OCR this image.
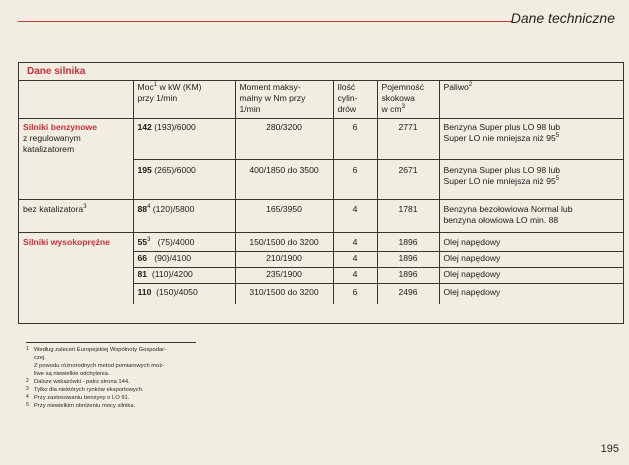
Dane techniczne
Dane silnika
	Moc$^1$ w kW (KM)
przy 1/min	Moment maksy-
malny w Nm przy
1/min	Ilość
cylin-
drów	Pojemność
skokowa
w $cm^3$	Paliwo$^2$
Silniki benzynowe
z regulowanym
katalizatorem	142 (193)/6000	280/3200	6	2771	Benzyna Super plus LO 98 lub
Super LO nie mniejsza niż $95^5$
	195 (265)/6000	400/1850 do 3500	6	2671	Benzyna Super plus LO 98 lub
Super LO nie mniejsza niż $95^5$
bez katalizatora$^3$	$88^4$ (120)/5800	165/3950	4	1781	Benzyna bezołowiowa Normal lub
benzyna ołowiowa LO min. 88
Silniki wysokoprężne	$55^3$   (75)/4000	150/1500 do 3200	4	1896	Olej napędowy
	66   (90)/4100	210/1900	4	1896	Olej napędowy
	81  (110)/4200	235/1900	4	1896	Olej napędowy
	110  (150)/4050	310/1500 do 3200	6	2496	Olej napędowy
1 Według zaleceń Europejskiej Wspólnoty Gospodar-
czej.
Z powodu różnorodnych metod pomiarowych moż-
liwe są niewielkie odchylenia.
2 Dalsze wskazówki - patrz strona 144.
3 Tylko dla niektórych rynków eksportowych.
4 Przy zastosowaniu benzyny o LO 91.
5 Przy niewielkim obniżeniu mocy silnika.
195
